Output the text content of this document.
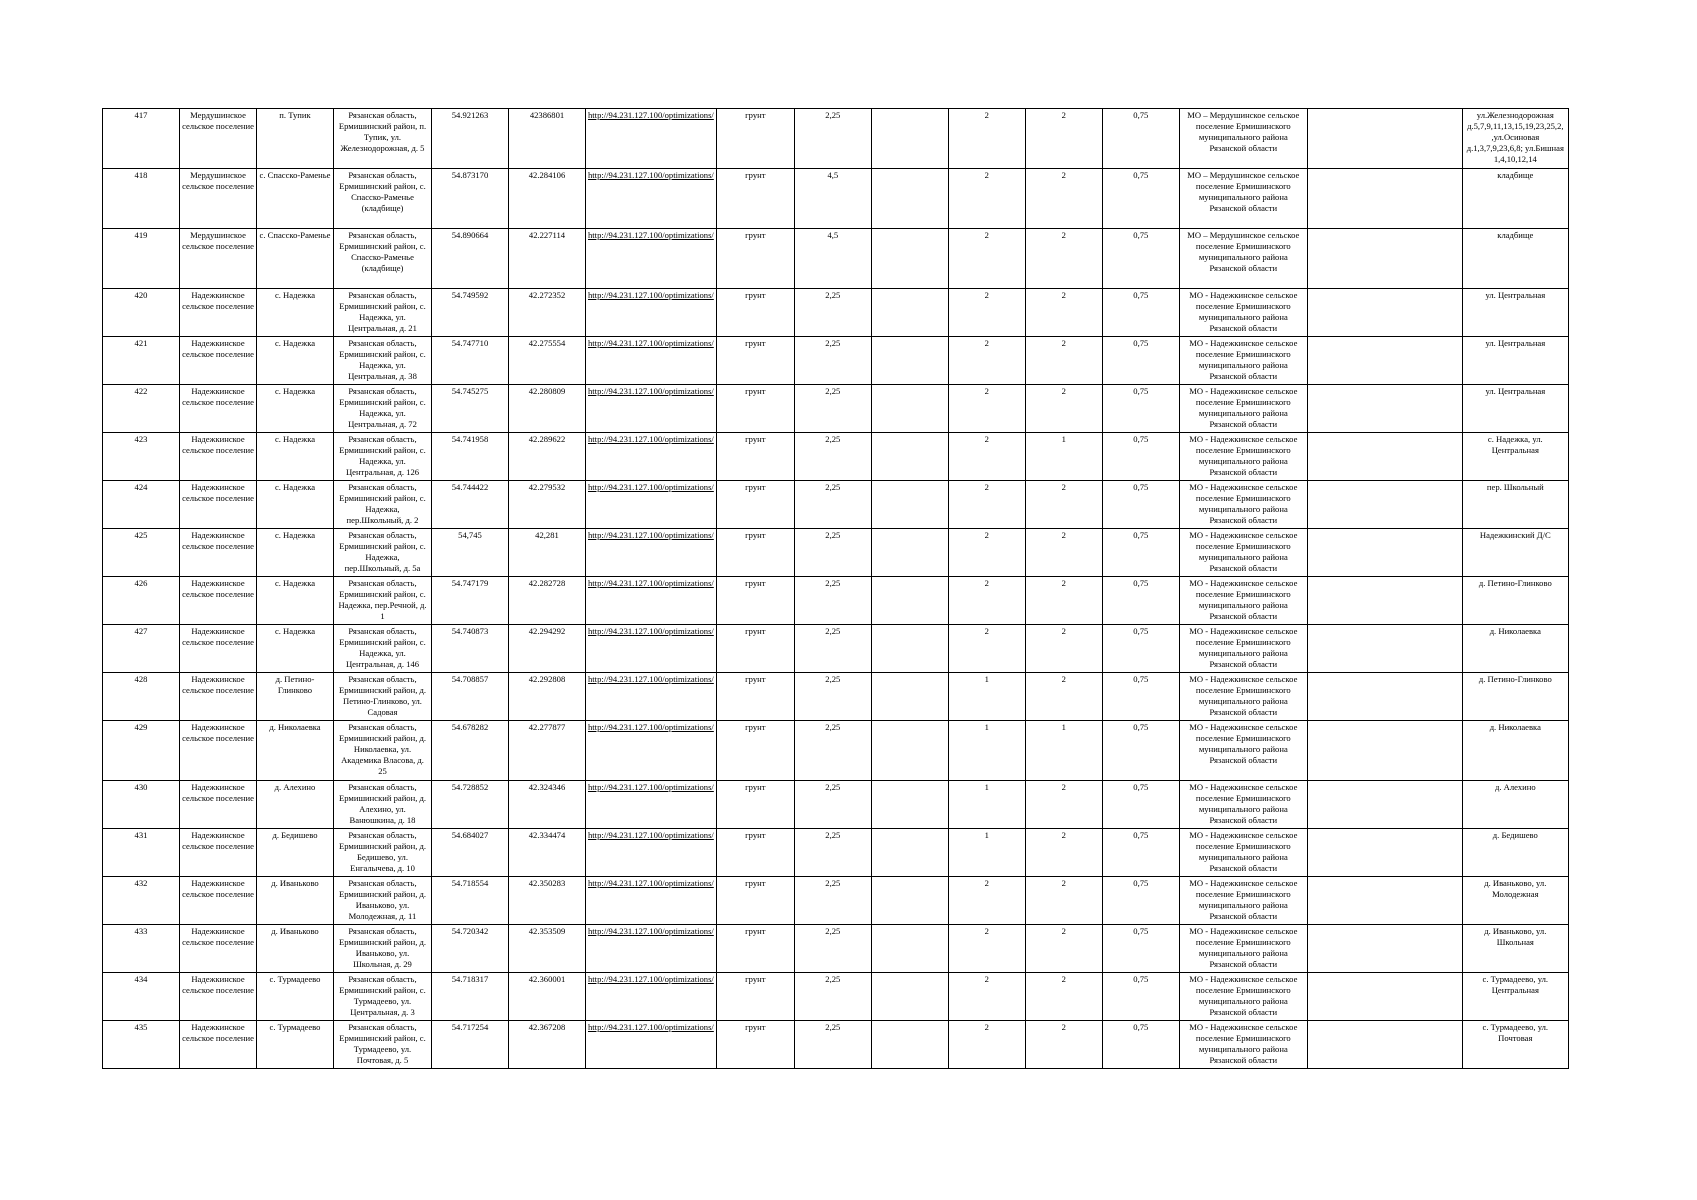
417	Мердушинское сельское поселение	п. Тупик	Рязанская область, Ермишинский район, п. Тупик, ул. Железнодорожная, д. 5	54.921263	42386801	http://94.231.127.100/optimizations/	грунт	2,25		2	2	0,75	МО – Мердушинское сельское поселение Ермишинского муниципального района Рязанской области		ул.Железнодорожная д.5,7,9,11,13,15,19,23,25,2, ,ул.Осиновая д.1,3,7,9,23,6,8; ул.Бишная 1,4,10,12,14
418	Мердушинское сельское поселение	с. Спасско-Раменье	Рязанская область, Ермишинский район, с. Спасско-Раменье (кладбище)	54.873170	42.284106	http://94.231.127.100/optimizations/	грунт	4,5		2	2	0,75	МО – Мердушинское сельское поселение Ермишинского муниципального района Рязанской области		кладбище
419	Мердушинское сельское поселение	с. Спасско-Раменье	Рязанская область, Ермишинский район, с. Спасско-Раменье (кладбище)	54.890664	42.227114	http://94.231.127.100/optimizations/	грунт	4,5		2	2	0,75	МО – Мердушинское сельское поселение Ермишинского муниципального района Рязанской области		кладбище
420	Надежкинское сельское поселение	с. Надежка	Рязанская область, Ермишинский район, с. Надежка, ул. Центральная, д. 21	54.749592	42.272352	http://94.231.127.100/optimizations/	грунт	2,25		2	2	0,75	МО - Надежкинское сельское поселение Ермишинского муниципального района Рязанской области		ул. Центральная
421	Надежкинское сельское поселение	с. Надежка	Рязанская область, Ермишинский район, с. Надежка, ул. Центральная, д. 38	54.747710	42.275554	http://94.231.127.100/optimizations/	грунт	2,25		2	2	0,75	МО - Надежкинское сельское поселение Ермишинского муниципального района Рязанской области		ул. Центральная
422	Надежкинское сельское поселение	с. Надежка	Рязанская область, Ермишинский район, с. Надежка, ул. Центральная, д. 72	54.745275	42.280809	http://94.231.127.100/optimizations/	грунт	2,25		2	2	0,75	МО - Надежкинское сельское поселение Ермишинского муниципального района Рязанской области		ул. Центральная
423	Надежкинское сельское поселение	с. Надежка	Рязанская область, Ермишинский район, с. Надежка, ул. Центральная, д. 126	54.741958	42.289622	http://94.231.127.100/optimizations/	грунт	2,25		2	1	0,75	МО - Надежкинское сельское поселение Ермишинского муниципального района Рязанской области		с. Надежка, ул. Центральная
424	Надежкинское сельское поселение	с. Надежка	Рязанская область, Ермишинский район, с. Надежка, пер.Школьный, д. 2	54.744422	42.279532	http://94.231.127.100/optimizations/	грунт	2,25		2	2	0,75	МО - Надежкинское сельское поселение Ермишинского муниципального района Рязанской области		пер. Школьный
425	Надежкинское сельское поселение	с. Надежка	Рязанская область, Ермишинский район, с. Надежка, пер.Школьный, д. 5а	54,745	42,281	http://94.231.127.100/optimizations/	грунт	2,25		2	2	0,75	МО - Надежкинское сельское поселение Ермишинского муниципального района Рязанской области		Надежкинский Д/С
426	Надежкинское сельское поселение	с. Надежка	Рязанская область, Ермишинский район, с. Надежка, пер.Речной, д. 1	54.747179	42.282728	http://94.231.127.100/optimizations/	грунт	2,25		2	2	0,75	МО - Надежкинское сельское поселение Ермишинского муниципального района Рязанской области		д. Петино-Глинково
427	Надежкинское сельское поселение	с. Надежка	Рязанская область, Ермишинский район, с. Надежка, ул. Центральная, д. 146	54.740873	42.294292	http://94.231.127.100/optimizations/	грунт	2,25		2	2	0,75	МО - Надежкинское сельское поселение Ермишинского муниципального района Рязанской области		д. Николаевка
428	Надежкинское сельское поселение	д. Петино-Глинково	Рязанская область, Ермишинский район, д. Петино-Глинково, ул. Садовая	54.708857	42.292808	http://94.231.127.100/optimizations/	грунт	2,25		1	2	0,75	МО - Надежкинское сельское поселение Ермишинского муниципального района Рязанской области		д. Петино-Глинково
429	Надежкинское сельское поселение	д. Николаевка	Рязанская область, Ермишинский район, д. Николаевка, ул. Академика Власова, д. 25	54.678282	42.277877	http://94.231.127.100/optimizations/	грунт	2,25		1	1	0,75	МО - Надежкинское сельское поселение Ермишинского муниципального района Рязанской области		д. Николаевка
430	Надежкинское сельское поселение	д. Алехино	Рязанская область, Ермишинский район, д. Алехино, ул. Ванюшкина, д. 18	54.728852	42.324346	http://94.231.127.100/optimizations/	грунт	2,25		1	2	0,75	МО - Надежкинское сельское поселение Ермишинского муниципального района Рязанской области		д. Алехино
431	Надежкинское сельское поселение	д. Бедишево	Рязанская область, Ермишинский район, д. Бедишево, ул. Енгалычева, д. 10	54.684027	42.334474	http://94.231.127.100/optimizations/	грунт	2,25		1	2	0,75	МО - Надежкинское сельское поселение Ермишинского муниципального района Рязанской области		д. Бедишево
432	Надежкинское сельское поселение	д. Иваньково	Рязанская область, Ермишинский район, д. Иваньково, ул. Молодежная, д. 11	54.718554	42.350283	http://94.231.127.100/optimizations/	грунт	2,25		2	2	0,75	МО - Надежкинское сельское поселение Ермишинского муниципального района Рязанской области		д. Иваньково, ул. Молодежная
433	Надежкинское сельское поселение	д. Иваньково	Рязанская область, Ермишинский район, д. Иваньково, ул. Школьная, д. 29	54.720342	42.353509	http://94.231.127.100/optimizations/	грунт	2,25		2	2	0,75	МО - Надежкинское сельское поселение Ермишинского муниципального района Рязанской области		д. Иваньково, ул. Школьная
434	Надежкинское сельское поселение	с. Турмадеево	Рязанская область, Ермишинский район, с. Турмадеево, ул. Центральная, д. 3	54.718317	42.360001	http://94.231.127.100/optimizations/	грунт	2,25		2	2	0,75	МО - Надежкинское сельское поселение Ермишинского муниципального района Рязанской области		с. Турмадеево, ул. Центральная
435	Надежкинское сельское поселение	с. Турмадеево	Рязанская область, Ермишинский район, с. Турмадеево, ул. Почтовая, д. 5	54.717254	42.367208	http://94.231.127.100/optimizations/	грунт	2,25		2	2	0,75	МО - Надежкинское сельское поселение Ермишинского муниципального района Рязанской области		с. Турмадеево, ул. Почтовая
